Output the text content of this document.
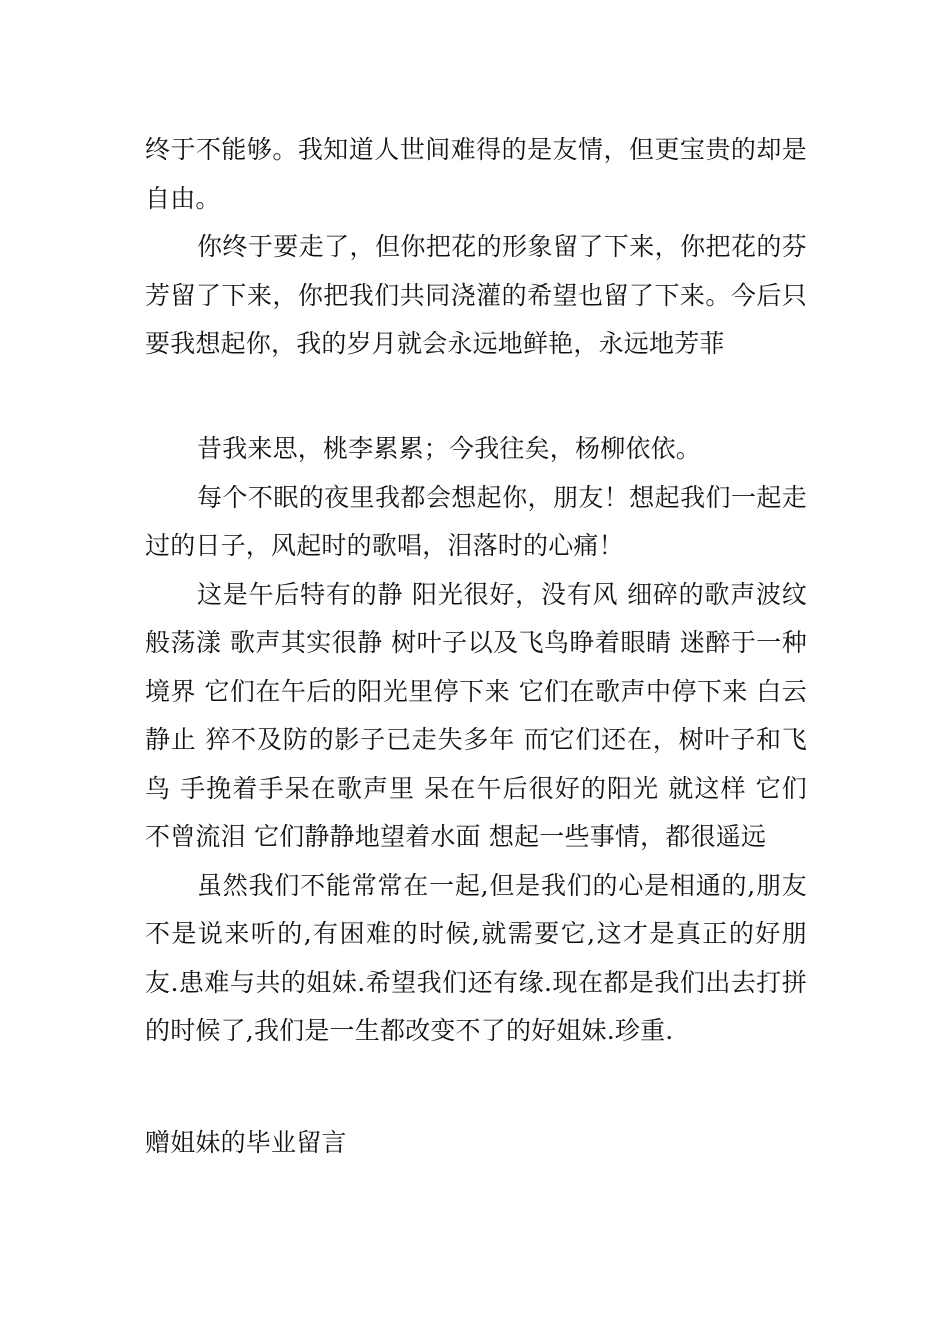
终于不能够。我知道人世间难得的是友情，但更宝贵的却是自由。

你终于要走了，但你把花的形象留了下来，你把花的芬芳留了下来，你把我们共同浇灌的希望也留了下来。今后只要我想起你，我的岁月就会永远地鲜艳，永远地芳菲

昔我来思，桃李累累；今我往矣，杨柳依依。

每个不眠的夜里我都会想起你，朋友！想起我们一起走过的日子，风起时的歌唱，泪落时的心痛！

这是午后特有的静 阳光很好，没有风 细碎的歌声波纹般荡漾 歌声其实很静 树叶子以及飞鸟睁着眼睛 迷醉于一种境界 它们在午后的阳光里停下来 它们在歌声中停下来 白云静止 猝不及防的影子已走失多年 而它们还在，树叶子和飞鸟 手挽着手呆在歌声里 呆在午后很好的阳光 就这样 它们不曾流泪 它们静静地望着水面 想起一些事情，都很遥远

虽然我们不能常常在一起,但是我们的心是相通的,朋友不是说来听的,有困难的时候,就需要它,这才是真正的好朋友.患难与共的姐妹.希望我们还有缘.现在都是我们出去打拼的时候了,我们是一生都改变不了的好姐妹.珍重.

赠姐妹的毕业留言
